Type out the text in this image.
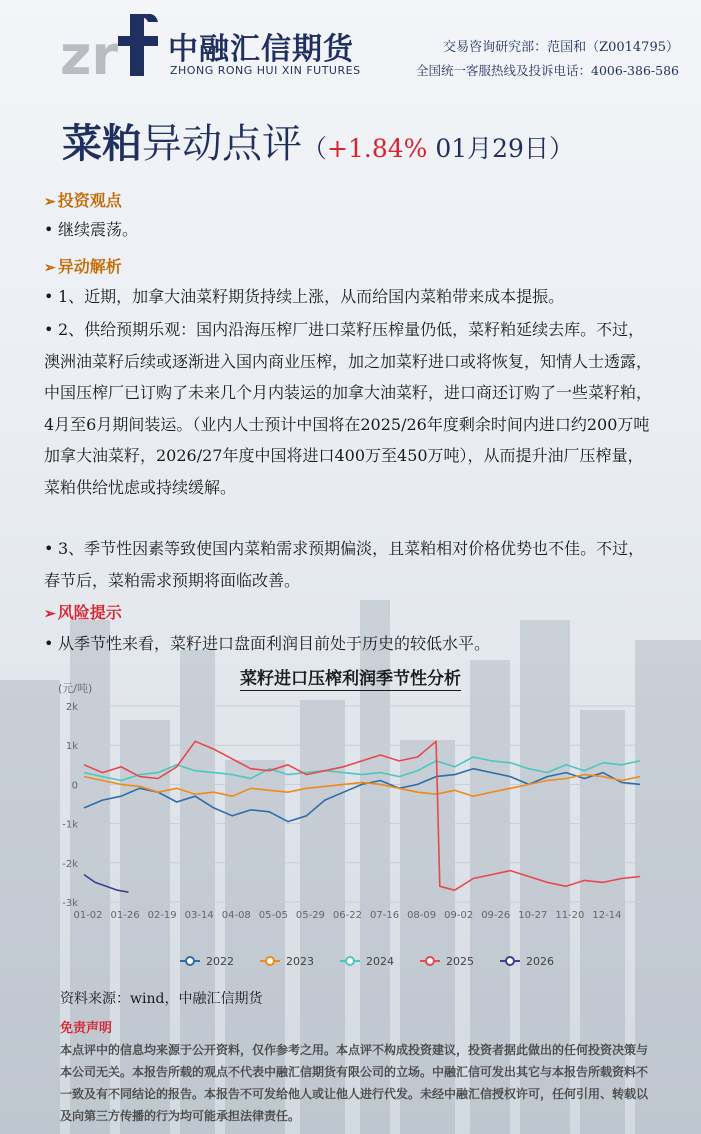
zr 中融汇信期货
ZHONG RONG HUI XIN FUTURES
交易咨询研究部：范国和（Z0014795）
全国统一客服热线及投诉电话：4006-386-586
菜粕异动点评（+1.84% 01月29日）
➢ 投资观点
• 继续震荡。
➢ 异动解析
• 1、近期，加拿大油菜籽期货持续上涨，从而给国内菜粕带来成本提振。
• 2、供给预期乐观：国内沿海压榨厂进口菜籽压榨量仍低，菜籽粕延续去库。不过， 澳洲油菜籽后续或逐渐进入国内商业压榨，加之加菜籽进口或将恢复，知情人士透露，中国压榨厂已订购了未来几个月内装运的加拿大油菜籽，进口商还订购了一些菜籽粕，4月至6月期间装运。（业内人士预计中国将在2025/26年度剩余时间内进口约200万吨加拿大油菜籽，2026/27年度中国将进口400万至450万吨），从而提升油厂压榨量，菜粕供给忧虑或持续缓解。
• 3、季节性因素等致使国内菜粕需求预期偏淡，且菜粕相对价格优势也不佳。不过，春节后，菜粕需求预期将面临改善。
➢ 风险提示
• 从季节性来看，菜籽进口盘面利润目前处于历史的较低水平。
菜籽进口压榨利润季节性分析
(元/吨)
2k
1k
0
-1k
-2k
-3k
01-02 01-26 02-19 03-14 04-08 05-05 05-29 06-22 07-16 08-09 09-02 09-26 10-27 11-20 12-14
2022	2023	2024	2025	2026
资料来源：wind，中融汇信期货
免责声明
本点评中的信息均来源于公开资料，仅作参考之用。本点评不构成投资建议，投资者据此做出的任何投资决策与本公司无关。本报告所载的观点不代表中融汇信期货有限公司的立场。中融汇信可发出其它与本报告所载资料不一致及有不同结论的报告。本报告不可发给他人或让他人进行代发。未经中融汇信授权许可，任何引用、转载以及向第三方传播的行为均可能承担法律责任。
